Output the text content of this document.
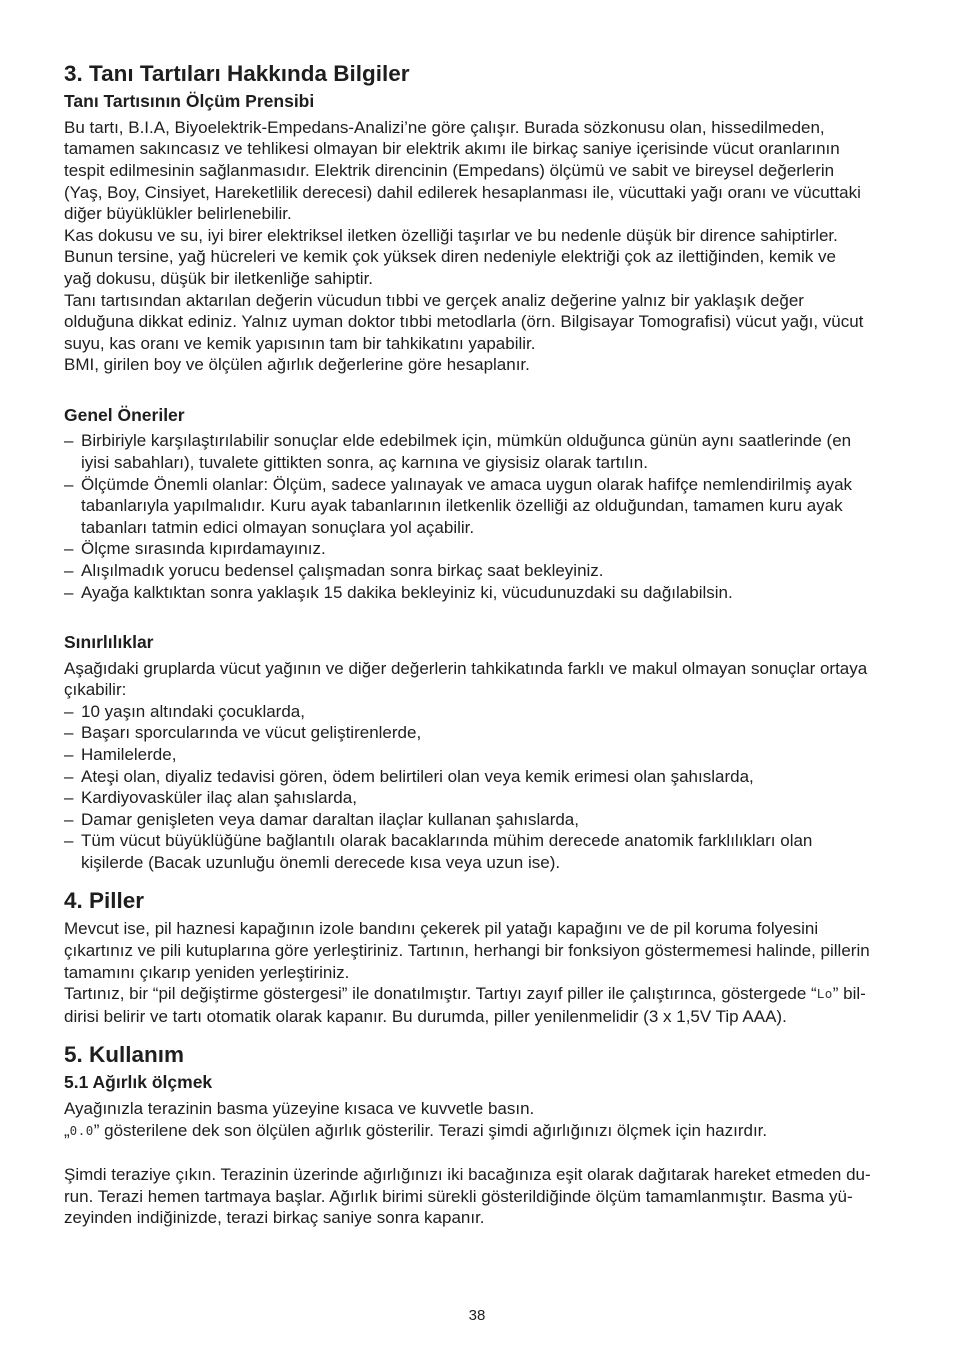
3. Tanı Tartıları Hakkında Bilgiler
Tanı Tartısının Ölçüm Prensibi
Bu tartı, B.I.A, Biyoelektrik-Empedans-Analizi’ne göre çalışır. Burada sözkonusu olan, hissedilmeden,
tamamen sakıncasız ve tehlikesi olmayan bir elektrik akımı ile birkaç saniye içerisinde vücut oranlarının
tespit edilmesinin sağlanmasıdır. Elektrik direncinin (Empedans) ölçümü ve sabit ve bireysel değerlerin
(Yaş, Boy, Cinsiyet, Hareketlilik derecesi) dahil edilerek hesaplanması ile, vücuttaki yağı oranı ve vücuttaki
diğer büyüklükler belirlenebilir.
Kas dokusu ve su, iyi birer elektriksel iletken özelliği taşırlar ve bu nedenle düşük bir dirence sahiptirler.
Bunun tersine, yağ hücreleri ve kemik çok yüksek diren nedeniyle elektriği çok az ilettiğinden, kemik ve
yağ dokusu, düşük bir iletkenliğe sahiptir.
Tanı tartısından aktarılan değerin vücudun tıbbi ve gerçek analiz değerine yalnız bir yaklaşık değer
olduğuna dikkat ediniz. Yalnız uyman doktor tıbbi metodlarla (örn. Bilgisayar Tomografisi) vücut yağı, vücut
suyu, kas oranı ve kemik yapısının tam bir tahkikatını yapabilir.
BMI, girilen boy ve ölçülen ağırlık değerlerine göre hesaplanır.
Genel Öneriler
– Birbiriyle karşılaştırılabilir sonuçlar elde edebilmek için, mümkün olduğunca günün aynı saatlerinde (en
iyisi sabahları), tuvalete gittikten sonra, aç karnına ve giysisiz olarak tartılın.
– Ölçümde Önemli olanlar: Ölçüm, sadece yalınayak ve amaca uygun olarak hafifçe nemlendirilmiş ayak
tabanlarıyla yapılmalıdır. Kuru ayak tabanlarının iletkenlik özelliği az olduğundan, tamamen kuru ayak
tabanları tatmin edici olmayan sonuçlara yol açabilir.
– Ölçme sırasında kıpırdamayınız.
– Alışılmadık yorucu bedensel çalışmadan sonra birkaç saat bekleyiniz.
– Ayağa kalktıktan sonra yaklaşık 15 dakika bekleyiniz ki, vücudunuzdaki su dağılabilsin.
Sınırlılıklar
Aşağıdaki gruplarda vücut yağının ve diğer değerlerin tahkikatında farklı ve makul olmayan sonuçlar ortaya
çıkabilir:
– 10 yaşın altındaki çocuklarda,
– Başarı sporcularında ve vücut geliştirenlerde,
– Hamilelerde,
– Ateşi olan, diyaliz tedavisi gören, ödem belirtileri olan veya kemik erimesi olan şahıslarda,
– Kardiyovasküler ilaç alan şahıslarda,
– Damar genişleten veya damar daraltan ilaçlar kullanan şahıslarda,
– Tüm vücut büyüklüğüne bağlantılı olarak bacaklarında mühim derecede anatomik farklılıkları olan
kişilerde (Bacak uzunluğu önemli derecede kısa veya uzun ise).
4. Piller
Mevcut ise, pil haznesi kapağının izole bandını çekerek pil yatağı kapağını ve de pil koruma folyesini
çıkartınız ve pili kutuplarına göre yerleştiriniz. Tartının, herhangi bir fonksiyon göstermemesi halinde, pillerin
tamamını çıkarıp yeniden yerleştiriniz.
Tartınız, bir “pil değiştirme göstergesi” ile donatılmıştır. Tartıyı zayıf piller ile çalıştırınca, göstergede “Lo” bil-
dirisi belirir ve tartı otomatik olarak kapanır. Bu durumda, piller yenilenmelidir (3 x 1,5V Tip AAA).
5. Kullanım
5.1 Ağırlık ölçmek
Ayağınızla terazinin basma yüzeyine kısaca ve kuvvetle basın.
„0.0” gösterilene dek son ölçülen ağırlık gösterilir. Terazi şimdi ağırlığınızı ölçmek için hazırdır.
Şimdi teraziye çıkın. Terazinin üzerinde ağırlığınızı iki bacağınıza eşit olarak dağıtarak hareket etmeden du-
run. Terazi hemen tartmaya başlar. Ağırlık birimi sürekli gösterildiğinde ölçüm tamamlanmıştır. Basma yü-
zeyinden indiğinizde, terazi birkaç saniye sonra kapanır.
38
